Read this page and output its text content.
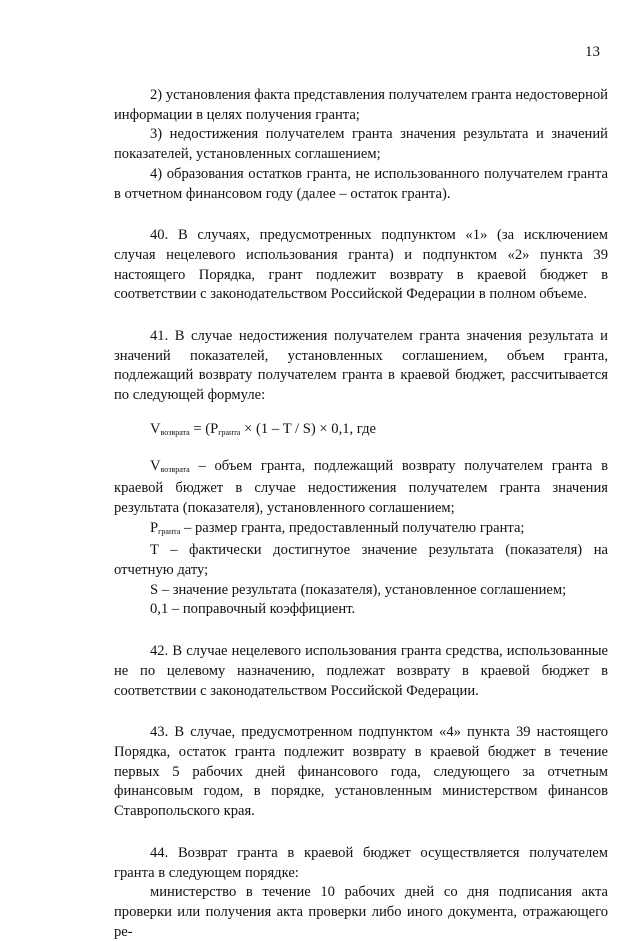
13

2) установления факта представления получателем гранта недостоверной информации в целях получения гранта;

3) недостижения получателем гранта значения результата и значений показателей, установленных соглашением;

4) образования остатков гранта, не использованного получателем гранта в отчетном финансовом году (далее – остаток гранта).

40. В случаях, предусмотренных подпунктом «1» (за исключением случая нецелевого использования гранта) и подпунктом «2» пункта 39 настоящего Порядка, грант подлежит возврату в краевой бюджет в соответствии с законодательством Российской Федерации в полном объеме.

41. В случае недостижения получателем гранта значения результата и значений показателей, установленных соглашением, объем гранта, подлежащий возврату получателем гранта в краевой бюджет, рассчитывается по следующей формуле:

$V_{возврата} = (P_{гранта} \times (1 - T / S) \times 0,1$, где

$V_{возврата}$ – объем гранта, подлежащий возврату получателем гранта в краевой бюджет в случае недостижения получателем гранта значения результата (показателя), установленного соглашением;

$P_{гранта}$ – размер гранта, предоставленный получателю гранта;

T – фактически достигнутое значение результата (показателя) на отчетную дату;

S – значение результата (показателя), установленное соглашением;

0,1 – поправочный коэффициент.

42. В случае нецелевого использования гранта средства, использованные не по целевому назначению, подлежат возврату в краевой бюджет в соответствии с законодательством Российской Федерации.

43. В случае, предусмотренном подпунктом «4» пункта 39 настоящего Порядка, остаток гранта подлежит возврату в краевой бюджет в течение первых 5 рабочих дней финансового года, следующего за отчетным финансовым годом, в порядке, установленным министерством финансов Ставропольского края.

44. Возврат гранта в краевой бюджет осуществляется получателем гранта в следующем порядке:

министерство в течение 10 рабочих дней со дня подписания акта проверки или получения акта проверки либо иного документа, отражающего ре-
